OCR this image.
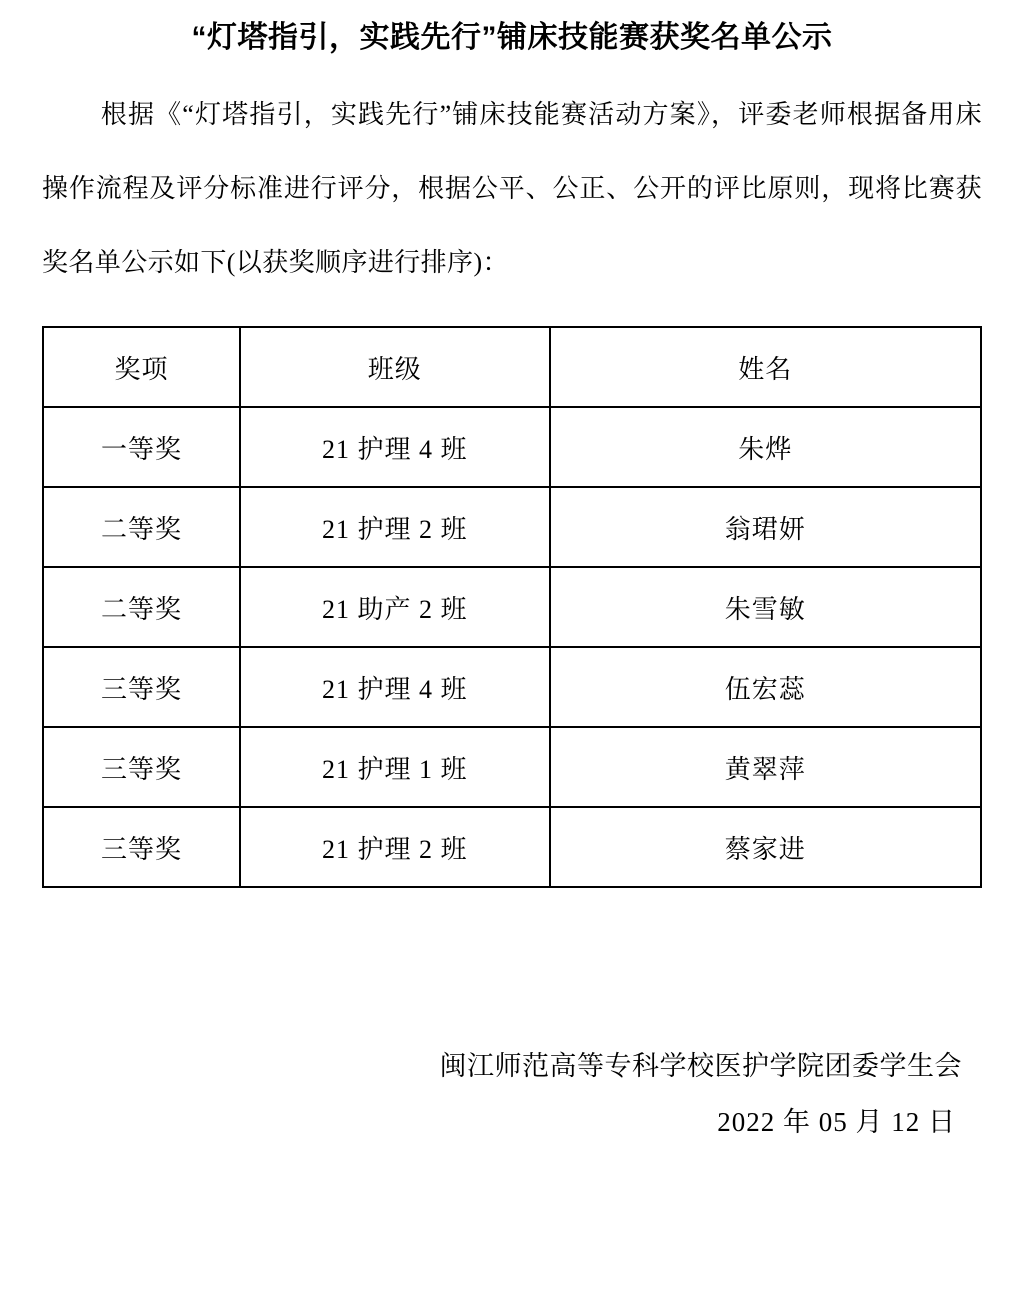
“灯塔指引，实践先行”铺床技能赛获奖名单公示

根据《“灯塔指引，实践先行”铺床技能赛活动方案》，评委老师根据备用床操作流程及评分标准进行评分，根据公平、公正、公开的评比原则，现将比赛获奖名单公示如下(以获奖顺序进行排序)：

奖项	班级	姓名
一等奖	21 护理 4 班	朱烨
二等奖	21 护理 2 班	翁珺妍
二等奖	21 助产 2 班	朱雪敏
三等奖	21 护理 4 班	伍宏蕊
三等奖	21 护理 1 班	黄翠萍
三等奖	21 护理 2 班	蔡家进
闽江师范高等专科学校医护学院团委学生会
2022 年 05 月 12 日
